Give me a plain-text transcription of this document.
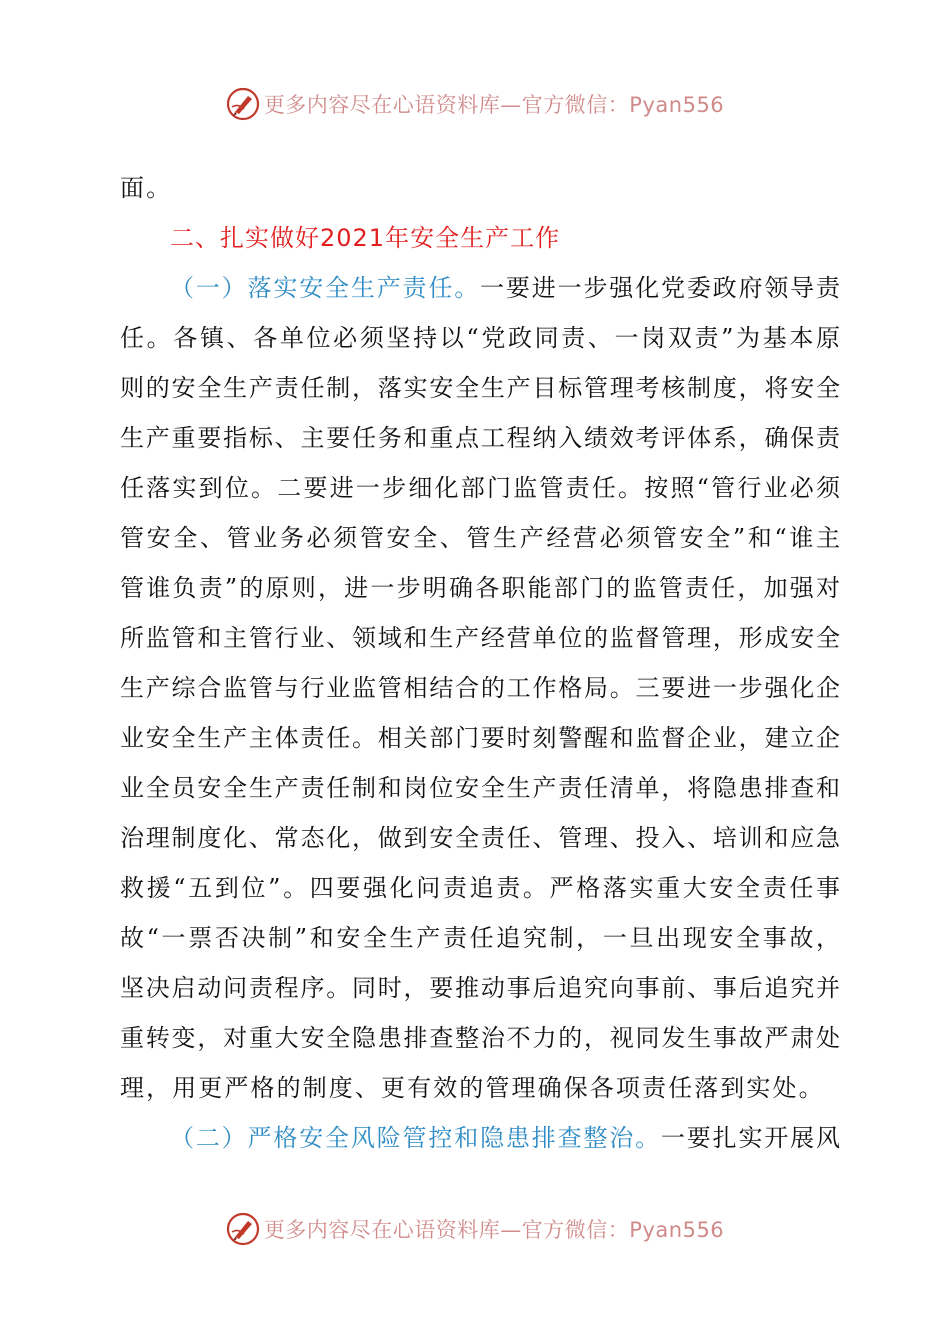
更多内容尽在心语资料库—官方微信：Pyan556
面。
二、扎实做好2021年安全生产工作
（一）落实安全生产责任。一要进一步强化党委政府领导责
任。各镇、各单位必须坚持以“党政同责、一岗双责”为基本原
则的安全生产责任制，落实安全生产目标管理考核制度，将安全
生产重要指标、主要任务和重点工程纳入绩效考评体系，确保责
任落实到位。二要进一步细化部门监管责任。按照“管行业必须
管安全、管业务必须管安全、管生产经营必须管安全”和“谁主
管谁负责”的原则，进一步明确各职能部门的监管责任，加强对
所监管和主管行业、领域和生产经营单位的监督管理，形成安全
生产综合监管与行业监管相结合的工作格局。三要进一步强化企
业安全生产主体责任。相关部门要时刻警醒和监督企业，建立企
业全员安全生产责任制和岗位安全生产责任清单，将隐患排查和
治理制度化、常态化，做到安全责任、管理、投入、培训和应急
救援“五到位”。四要强化问责追责。严格落实重大安全责任事
故“一票否决制”和安全生产责任追究制，一旦出现安全事故，
坚决启动问责程序。同时，要推动事后追究向事前、事后追究并
重转变，对重大安全隐患排查整治不力的，视同发生事故严肃处
理，用更严格的制度、更有效的管理确保各项责任落到实处。
（二）严格安全风险管控和隐患排查整治。一要扎实开展风
更多内容尽在心语资料库—官方微信：Pyan556
